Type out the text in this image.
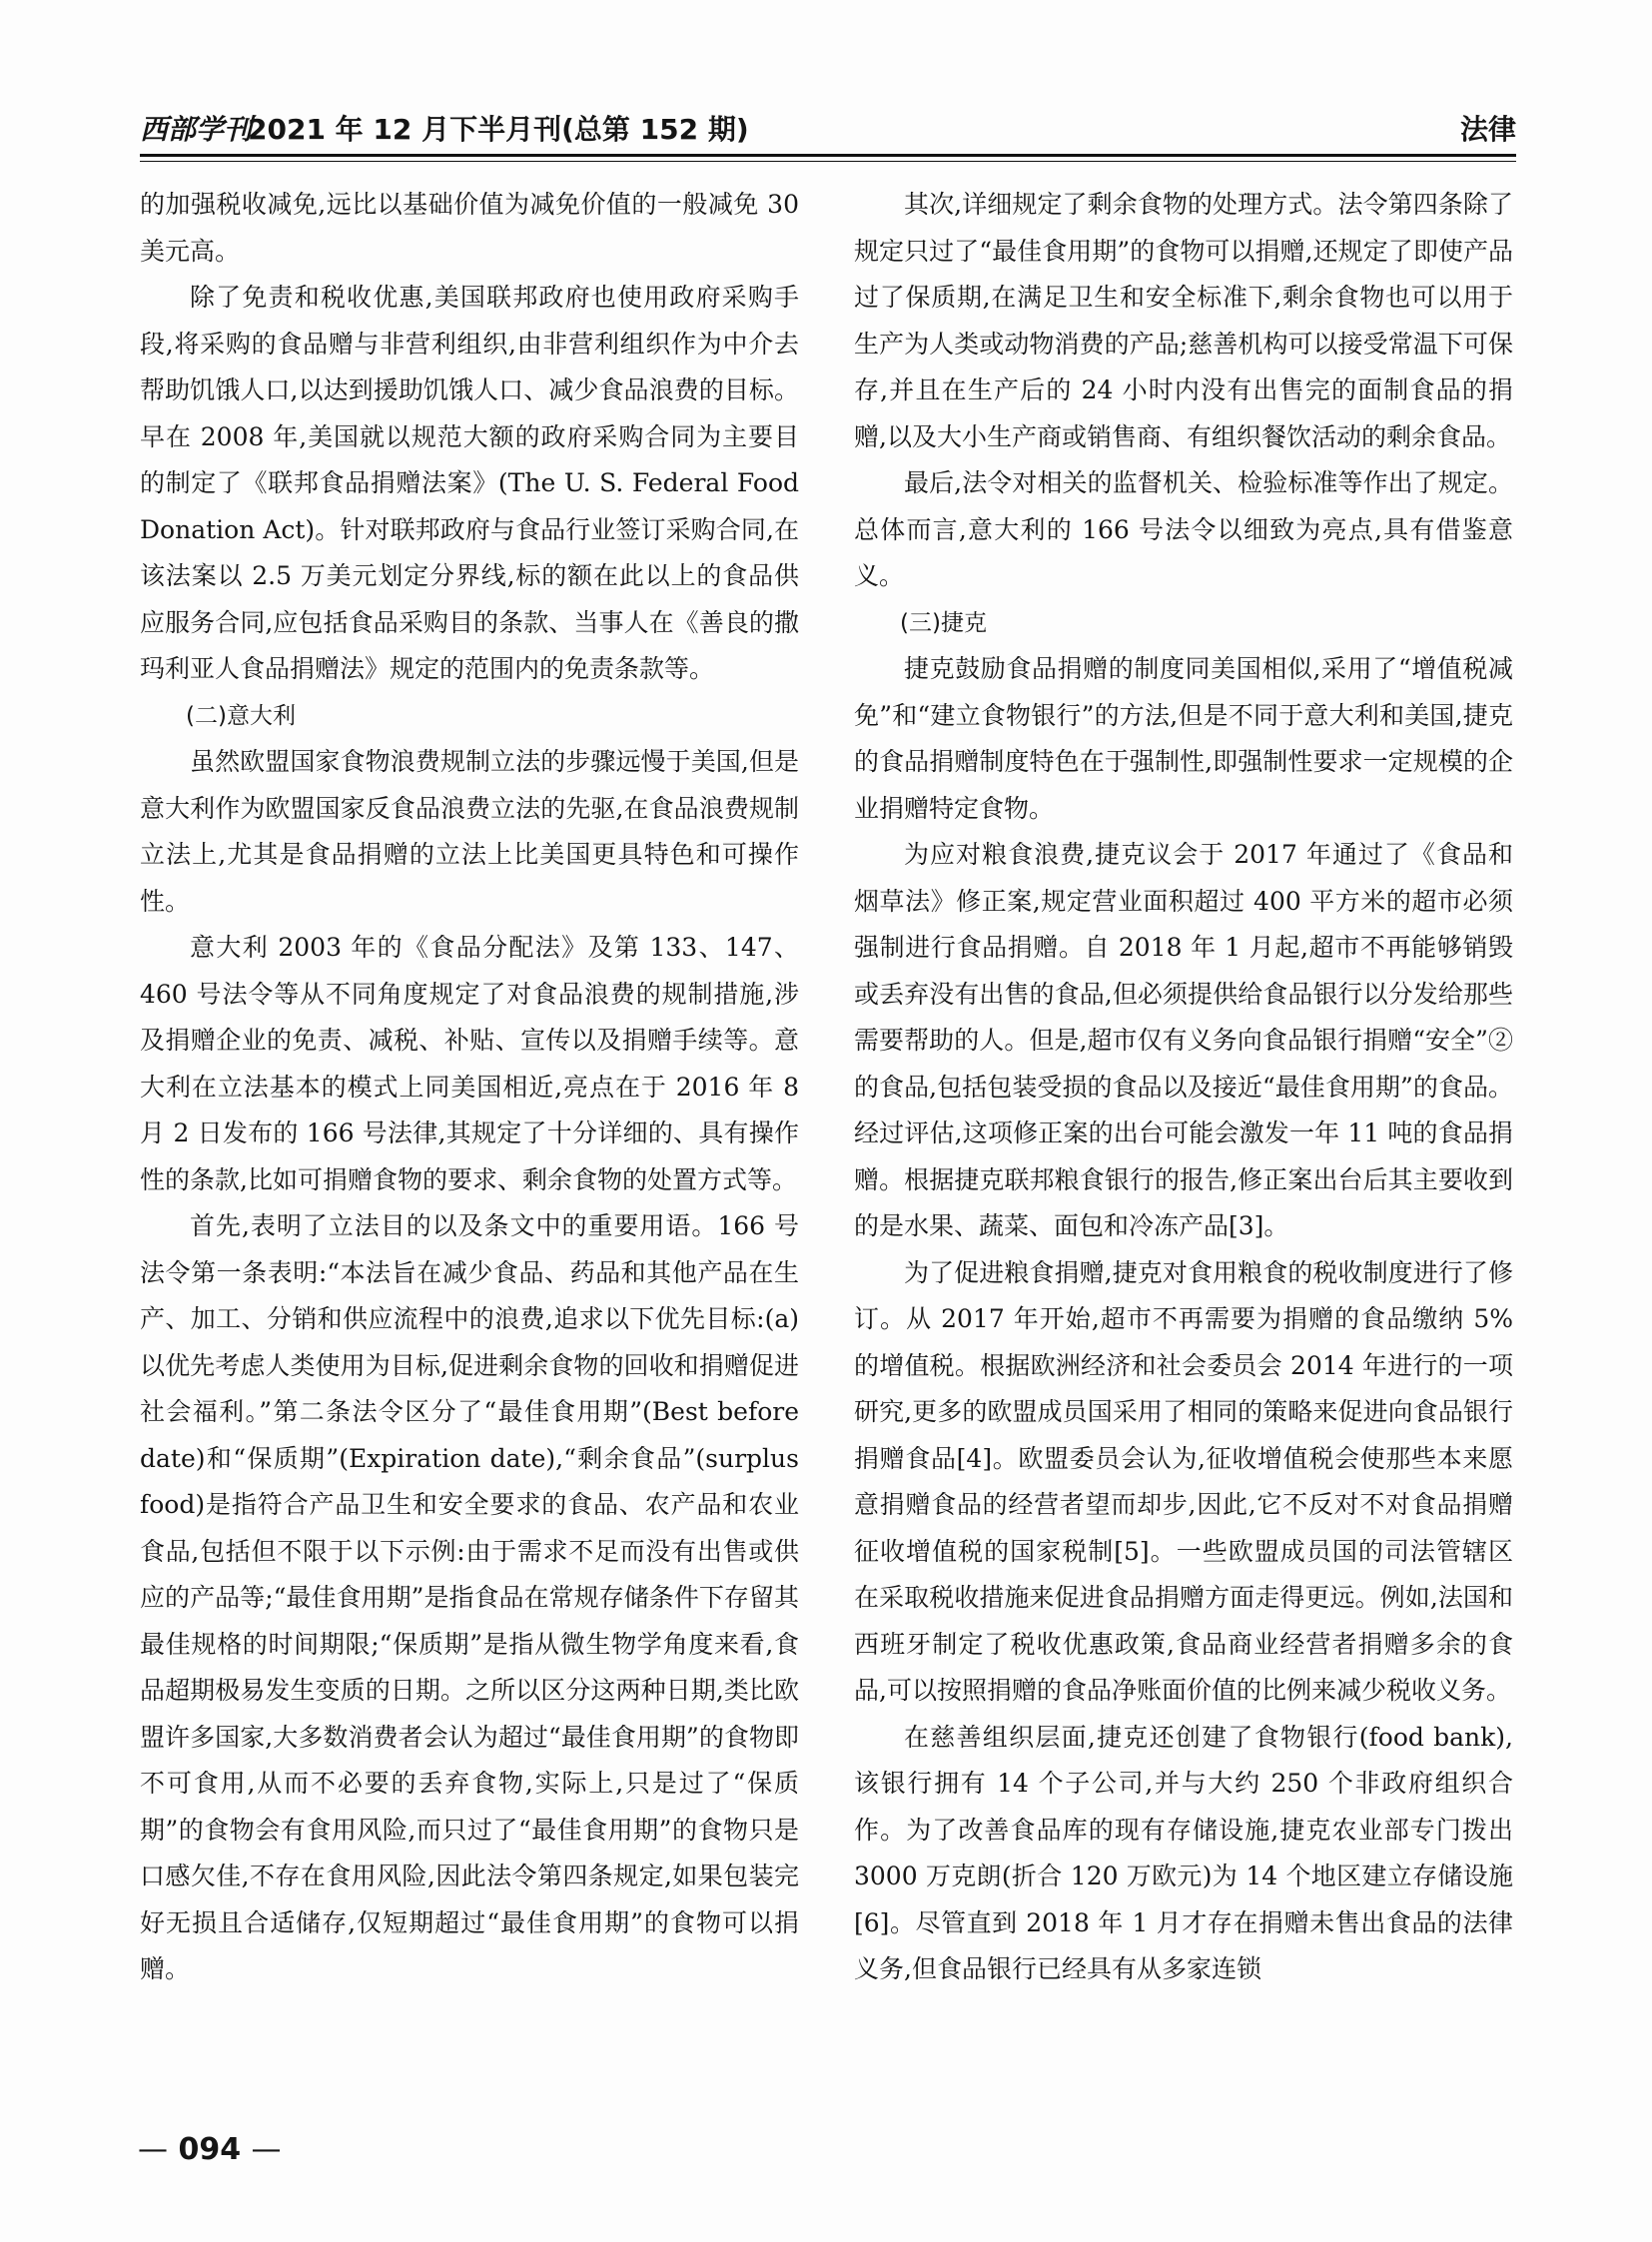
西部学刊
2021 年 12 月下半月刊(总第 152 期)	法律

的加强税收减免,远比以基础价值为减免价值的一般减免 30 美元高。

除了免责和税收优惠,美国联邦政府也使用政府采购手段,将采购的食品赠与非营利组织,由非营利组织作为中介去帮助饥饿人口,以达到援助饥饿人口、减少食品浪费的目标。早在 2008 年,美国就以规范大额的政府采购合同为主要目的制定了《联邦食品捐赠法案》(The U. S. Federal Food Donation Act)。针对联邦政府与食品行业签订采购合同,在该法案以 2.5 万美元划定分界线,标的额在此以上的食品供应服务合同,应包括食品采购目的条款、当事人在《善良的撒玛利亚人食品捐赠法》规定的范围内的免责条款等。

(二)意大利

虽然欧盟国家食物浪费规制立法的步骤远慢于美国,但是意大利作为欧盟国家反食品浪费立法的先驱,在食品浪费规制立法上,尤其是食品捐赠的立法上比美国更具特色和可操作性。

意大利 2003 年的《食品分配法》及第 133、147、460 号法令等从不同角度规定了对食品浪费的规制措施,涉及捐赠企业的免责、减税、补贴、宣传以及捐赠手续等。意大利在立法基本的模式上同美国相近,亮点在于 2016 年 8 月 2 日发布的 166 号法律,其规定了十分详细的、具有操作性的条款,比如可捐赠食物的要求、剩余食物的处置方式等。

首先,表明了立法目的以及条文中的重要用语。166 号法令第一条表明:“本法旨在减少食品、药品和其他产品在生产、加工、分销和供应流程中的浪费,追求以下优先目标:(a)以优先考虑人类使用为目标,促进剩余食物的回收和捐赠促进社会福利。”第二条法令区分了“最佳食用期”(Best before date)和“保质期”(Expiration date),“剩余食品”(surplus food)是指符合产品卫生和安全要求的食品、农产品和农业食品,包括但不限于以下示例:由于需求不足而没有出售或供应的产品等;“最佳食用期”是指食品在常规存储条件下存留其最佳规格的时间期限;“保质期”是指从微生物学角度来看,食品超期极易发生变质的日期。之所以区分这两种日期,类比欧盟许多国家,大多数消费者会认为超过“最佳食用期”的食物即不可食用,从而不必要的丢弃食物,实际上,只是过了“保质期”的食物会有食用风险,而只过了“最佳食用期”的食物只是口感欠佳,不存在食用风险,因此法令第四条规定,如果包装完好无损且合适储存,仅短期超过“最佳食用期”的食物可以捐赠。

其次,详细规定了剩余食物的处理方式。法令第四条除了规定只过了“最佳食用期”的食物可以捐赠,还规定了即使产品过了保质期,在满足卫生和安全标准下,剩余食物也可以用于生产为人类或动物消费的产品;慈善机构可以接受常温下可保存,并且在生产后的 24 小时内没有出售完的面制食品的捐赠,以及大小生产商或销售商、有组织餐饮活动的剩余食品。

最后,法令对相关的监督机关、检验标准等作出了规定。总体而言,意大利的 166 号法令以细致为亮点,具有借鉴意义。

(三)捷克

捷克鼓励食品捐赠的制度同美国相似,采用了“增值税减免”和“建立食物银行”的方法,但是不同于意大利和美国,捷克的食品捐赠制度特色在于强制性,即强制性要求一定规模的企业捐赠特定食物。

为应对粮食浪费,捷克议会于 2017 年通过了《食品和烟草法》修正案,规定营业面积超过 400 平方米的超市必须强制进行食品捐赠。自 2018 年 1 月起,超市不再能够销毁或丢弃没有出售的食品,但必须提供给食品银行以分发给那些需要帮助的人。但是,超市仅有义务向食品银行捐赠“安全”②的食品,包括包装受损的食品以及接近“最佳食用期”的食品。经过评估,这项修正案的出台可能会激发一年 11 吨的食品捐赠。根据捷克联邦粮食银行的报告,修正案出台后其主要收到的是水果、蔬菜、面包和冷冻产品[3]。

为了促进粮食捐赠,捷克对食用粮食的税收制度进行了修订。从 2017 年开始,超市不再需要为捐赠的食品缴纳 5% 的增值税。根据欧洲经济和社会委员会 2014 年进行的一项研究,更多的欧盟成员国采用了相同的策略来促进向食品银行捐赠食品[4]。欧盟委员会认为,征收增值税会使那些本来愿意捐赠食品的经营者望而却步,因此,它不反对不对食品捐赠征收增值税的国家税制[5]。一些欧盟成员国的司法管辖区在采取税收措施来促进食品捐赠方面走得更远。例如,法国和西班牙制定了税收优惠政策,食品商业经营者捐赠多余的食品,可以按照捐赠的食品净账面价值的比例来减少税收义务。

在慈善组织层面,捷克还创建了食物银行(food bank),该银行拥有 14 个子公司,并与大约 250 个非政府组织合作。为了改善食品库的现有存储设施,捷克农业部专门拨出 3000 万克朗(折合 120 万欧元)为 14 个地区建立存储设施[6]。尽管直到 2018 年 1 月才存在捐赠未售出食品的法律义务,但食品银行已经具有从多家连锁

— 094 —
